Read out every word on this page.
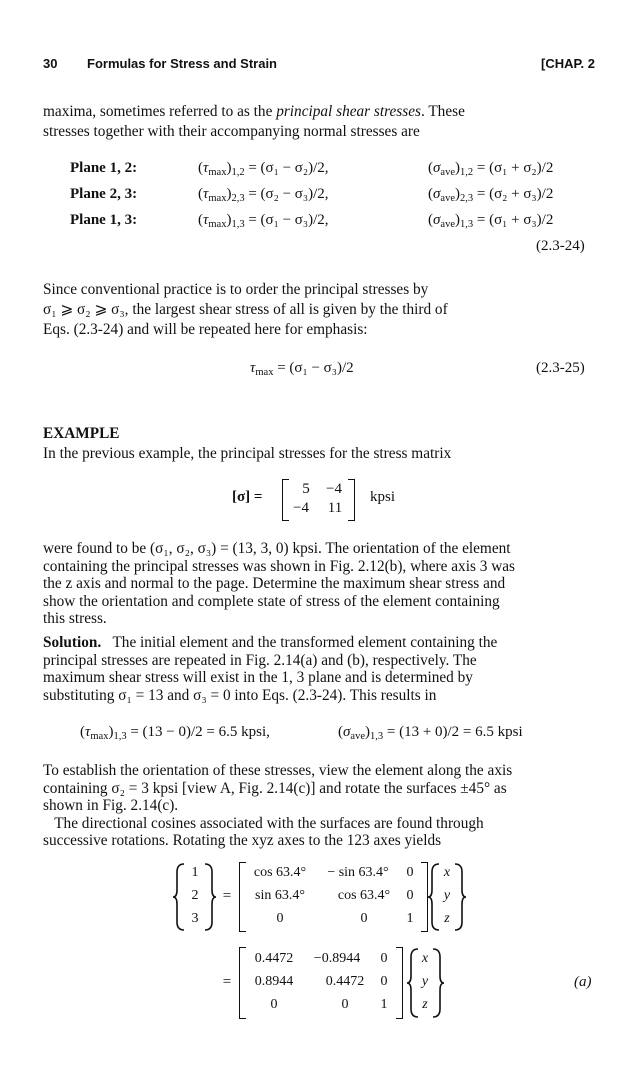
30 Formulas for Stress and Strain	[CHAP. 2
maxima, sometimes referred to as the principal shear stresses. These
stresses together with their accompanying normal stresses are
Plane 1, 2:	$(\tau_{max})_{1,2} = (\sigma_1 - \sigma_2)/2$,	$(\sigma_{ave})_{1,2} = (\sigma_1 + \sigma_2)/2$
Plane 2, 3:	$(\tau_{max})_{2,3} = (\sigma_2 - \sigma_3)/2$,	$(\sigma_{ave})_{2,3} = (\sigma_2 + \sigma_3)/2$
Plane 1, 3:	$(\tau_{max})_{1,3} = (\sigma_1 - \sigma_3)/2$,	$(\sigma_{ave})_{1,3} = (\sigma_1 + \sigma_3)/2$
(2.3-24)
Since conventional practice is to order the principal stresses by
σ₁ ⩾ σ₂ ⩾ σ₃, the largest shear stress of all is given by the third of
Eqs. (2.3-24) and will be repeated here for emphasis:
$\tau_{max} = (\sigma_1 - \sigma_3)/2$	(2.3-25)
EXAMPLE
In the previous example, the principal stresses for the stress matrix
[σ] =	5	−4
−4	11
kpsi
were found to be (σ₁, σ₂, σ₃) = (13, 3, 0) kpsi. The orientation of the element
containing the principal stresses was shown in Fig. 2.12(b), where axis 3 was
the z axis and normal to the page. Determine the maximum shear stress and
show the orientation and complete state of stress of the element containing
this stress.
Solution.   The initial element and the transformed element containing the
principal stresses are repeated in Fig. 2.14(a) and (b), respectively. The
maximum shear stress will exist in the 1, 3 plane and is determined by
substituting σ₁ = 13 and σ₃ = 0 into Eqs. (2.3-24). This results in
$(\tau_{max})_{1,3} = (13 - 0)/2 = 6.5$ kpsi,	$(\sigma_{ave})_{1,3} = (13 + 0)/2 = 6.5$ kpsi
To establish the orientation of these stresses, view the element along the axis
containing σ₂ = 3 kpsi [view A, Fig. 2.14(c)] and rotate the surfaces ±45° as
shown in Fig. 2.14(c).
The directional cosines associated with the surfaces are found through
successive rotations. Rotating the xyz axes to the 123 axes yields
1
2
3
=
cos 63.4°	− sin 63.4°	0
sin 63.4°	cos 63.4°	0
0	0	1
x
y
z
=
0.4472	−0.8944	0
0.8944	0.4472	0
0	0	1
x
y
z
(a)
